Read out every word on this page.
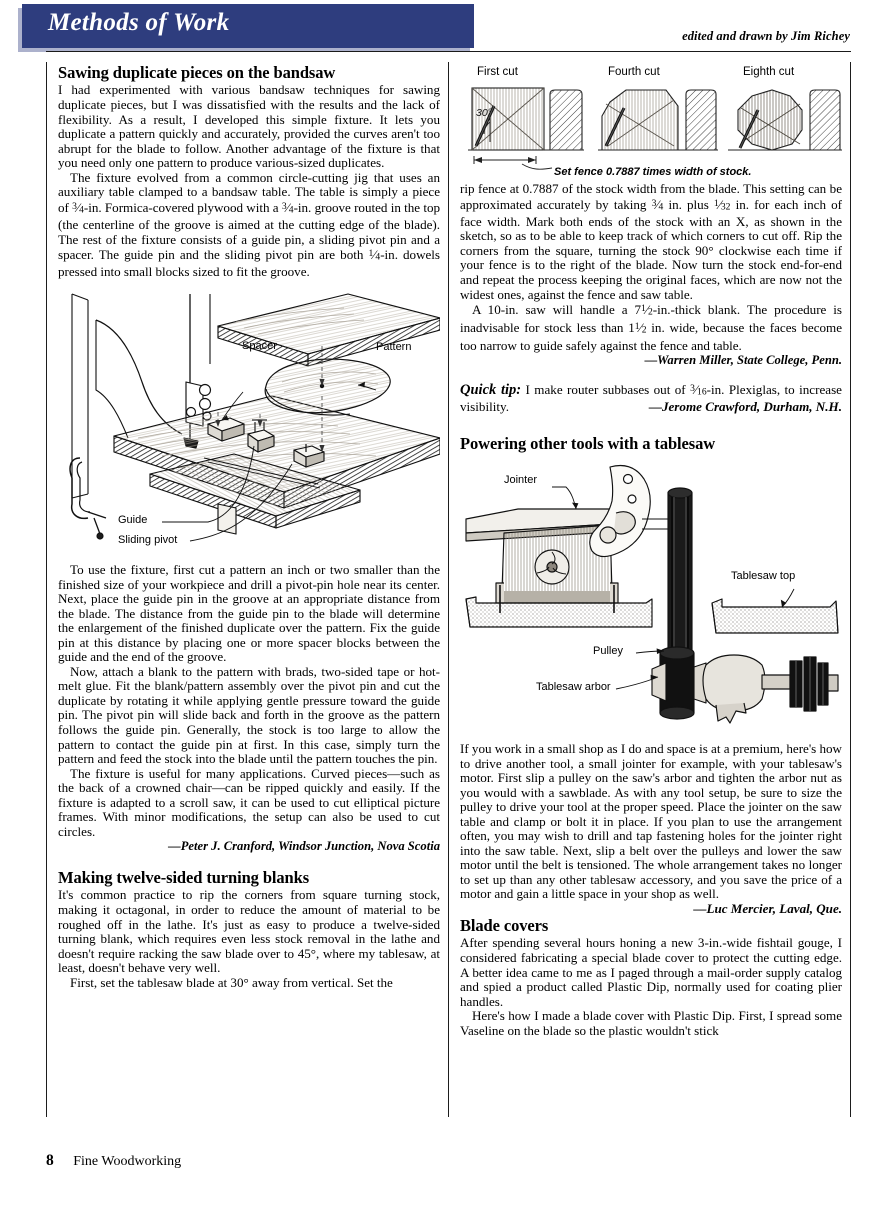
Methods of Work	edited and drawn by Jim Richey
Sawing duplicate pieces on the bandsaw

I had experimented with various bandsaw techniques for sawing duplicate pieces, but I was dissatisfied with the results and the lack of flexibility. As a result, I developed this simple fixture. It lets you duplicate a pattern quickly and accurately, provided the curves aren't too abrupt for the blade to follow. Another advantage of the fixture is that you need only one pattern to produce various-sized duplicates.

The fixture evolved from a common circle-cutting jig that uses an auxiliary table clamped to a bandsaw table. The table is simply a piece of $^3$⁄4-in. Formica-covered plywood with a $^3$⁄4-in. groove routed in the top (the centerline of the groove is aimed at the cutting edge of the blade). The rest of the fixture consists of a guide pin, a sliding pivot pin and a spacer. The guide pin and the sliding pivot pin are both $^1$⁄4-in. dowels pressed into small blocks sized to fit the groove.

Spacer	Pattern
Guide
Sliding pivot

To use the fixture, first cut a pattern an inch or two smaller than the finished size of your workpiece and drill a pivot-pin hole near its center. Next, place the guide pin in the groove at an appropriate distance from the blade. The distance from the guide pin to the blade will determine the enlargement of the finished duplicate over the pattern. Fix the guide pin at this distance by placing one or more spacer blocks between the guide and the end of the groove.

Now, attach a blank to the pattern with brads, two-sided tape or hot-melt glue. Fit the blank/pattern assembly over the pivot pin and cut the duplicate by rotating it while applying gentle pressure toward the guide pin. The pivot pin will slide back and forth in the groove as the pattern follows the guide pin. Generally, the stock is too large to allow the pattern to contact the guide pin at first. In this case, simply turn the pattern and feed the stock into the blade until the pattern touches the pin.

The fixture is useful for many applications. Curved pieces—such as the back of a crowned chair—can be ripped quickly and easily. If the fixture is adapted to a scroll saw, it can be used to cut elliptical picture frames. With minor modifications, the setup can also be used to cut circles.

—Peter J. Cranford, Windsor Junction, Nova Scotia

Making twelve-sided turning blanks

It's common practice to rip the corners from square turning stock, making it octagonal, in order to reduce the amount of material to be roughed off in the lathe. It's just as easy to produce a twelve-sided turning blank, which requires even less stock removal in the lathe and doesn't require racking the saw blade over to 45°, where my tablesaw, at least, doesn't behave very well.

First, set the tablesaw blade at 30° away from vertical. Set the

30°
First cut	Fourth cut	Eighth cut
Set fence 0.7887 times width of stock.

rip fence at 0.7887 of the stock width from the blade. This setting can be approximated accurately by taking $^3$⁄4 in. plus $^1$⁄32 in. for each inch of face width. Mark both ends of the stock with an X, as shown in the sketch, so as to be able to keep track of which corners to cut off. Rip the corners from the square, turning the stock 90° clockwise each time if your fence is to the right of the blade. Now turn the stock end-for-end and repeat the process keeping the original faces, which are now not the widest ones, against the fence and saw table.

A 10-in. saw will handle a $7^1⁄2-in$.-thick blank. The procedure is inadvisable for stock less than $1^1⁄2$ in. wide, because the faces become too narrow to guide safely against the fence and table.

—Warren Miller, State College, Penn.

Quick tip: I make router subbases out of $^3$⁄16-in. Plexiglas, to increase visibility.	—Jerome Crawford, Durham, N.H.

Powering other tools with a tablesaw
Jointer
Tablesaw top
Pulley
Tablesaw arbor

If you work in a small shop as I do and space is at a premium, here's how to drive another tool, a small jointer for example, with your tablesaw's motor. First slip a pulley on the saw's arbor and tighten the arbor nut as you would with a sawblade. As with any tool setup, be sure to size the pulley to drive your tool at the proper speed. Place the jointer on the saw table and clamp or bolt it in place. If you plan to use the arrangement often, you may wish to drill and tap fastening holes for the jointer right into the saw table. Next, slip a belt over the pulleys and lower the saw motor until the belt is tensioned. The whole arrangement takes no longer to set up than any other tablesaw accessory, and you save the price of a motor and gain a little space in your shop as well.
—Luc Mercier, Laval, Que.

Blade covers

After spending several hours honing a new 3-in.-wide fishtail gouge, I considered fabricating a special blade cover to protect the cutting edge. A better idea came to me as I paged through a mail-order supply catalog and spied a product called Plastic Dip, normally used for coating plier handles.

Here's how I made a blade cover with Plastic Dip. First, I spread some Vaseline on the blade so the plastic wouldn't stick

8 Fine Woodworking
